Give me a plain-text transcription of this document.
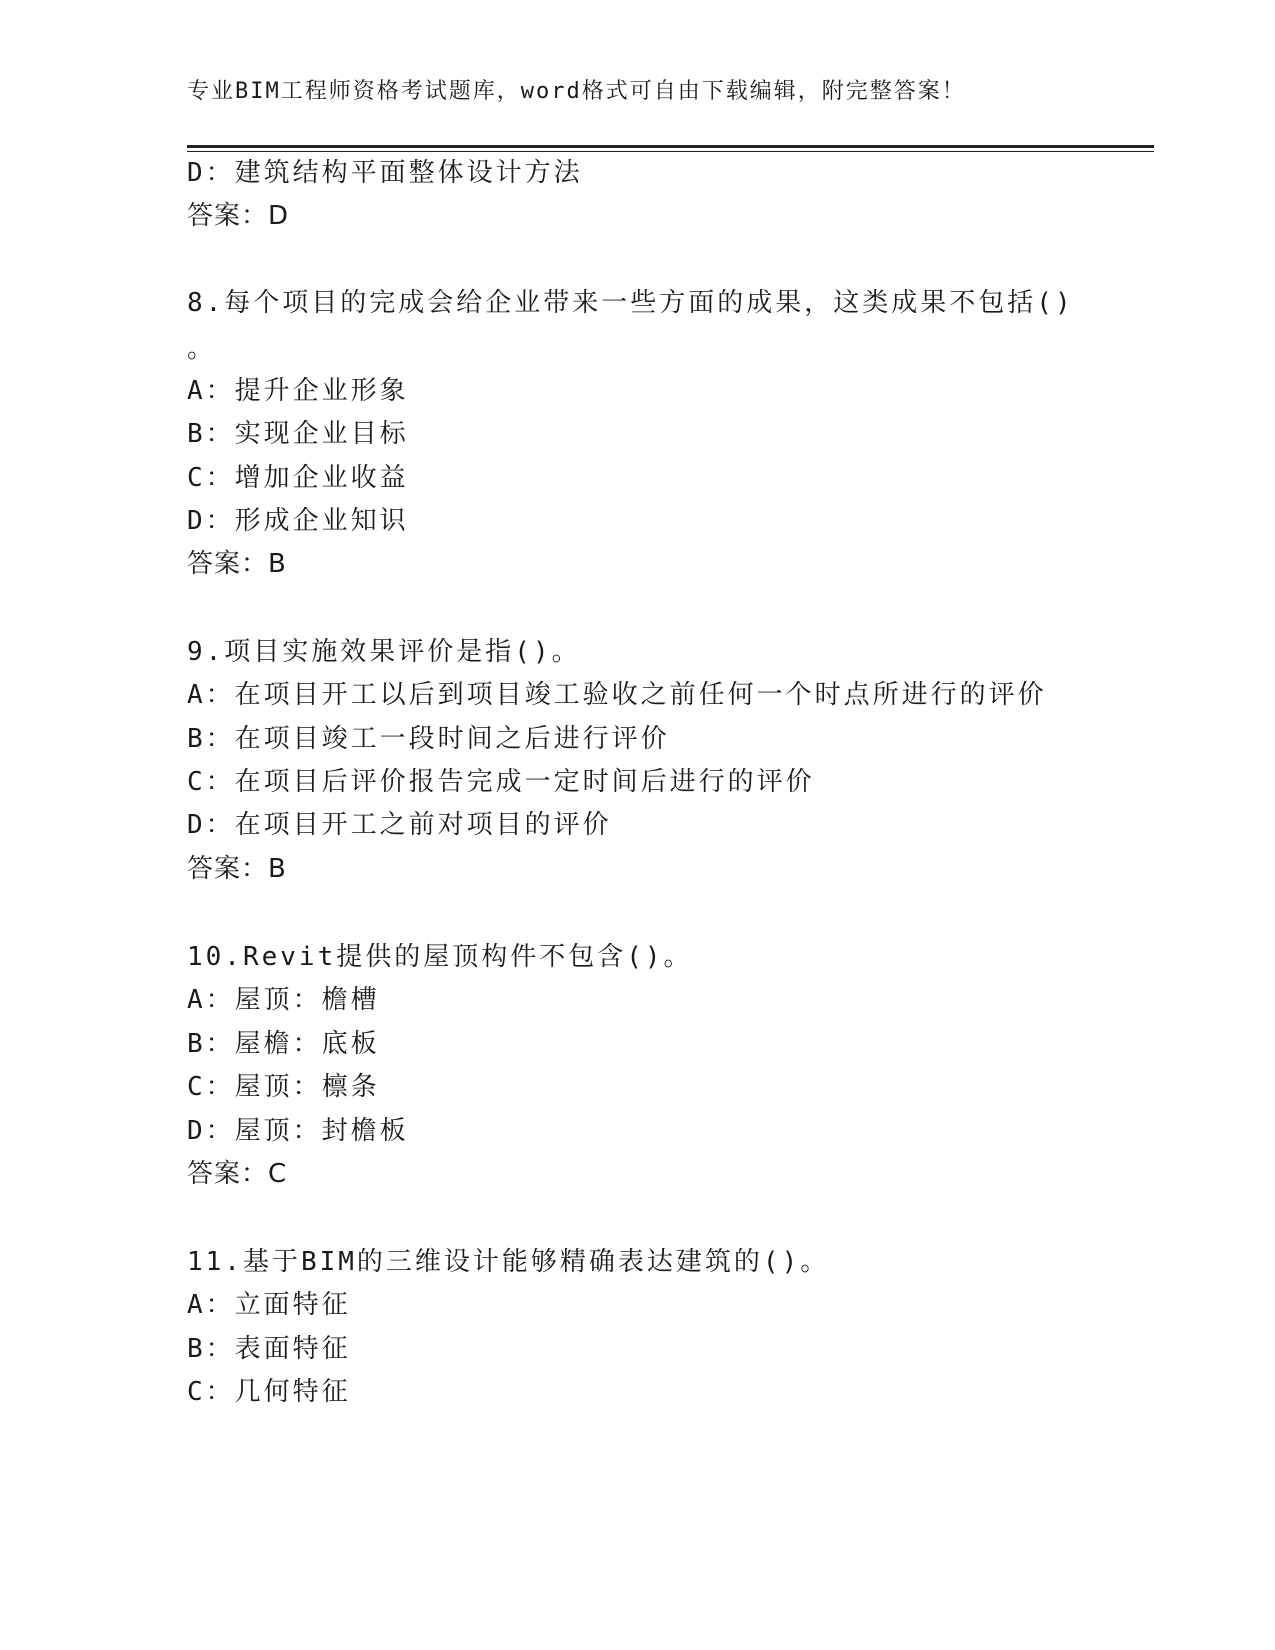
专业BIM工程师资格考试题库，word格式可自由下载编辑，附完整答案！
D：建筑结构平面整体设计方法
答案：D
8.每个项目的完成会给企业带来一些方面的成果，这类成果不包括()
。
A：提升企业形象
B：实现企业目标
C：增加企业收益
D：形成企业知识
答案：B
9.项目实施效果评价是指()。
A：在项目开工以后到项目竣工验收之前任何一个时点所进行的评价
B：在项目竣工一段时间之后进行评价
C：在项目后评价报告完成一定时间后进行的评价
D：在项目开工之前对项目的评价
答案：B
10.Revit提供的屋顶构件不包含()。
A：屋顶：檐槽
B：屋檐：底板
C：屋顶：檩条
D：屋顶：封檐板
答案：C
11.基于BIM的三维设计能够精确表达建筑的()。
A：立面特征
B：表面特征
C：几何特征
